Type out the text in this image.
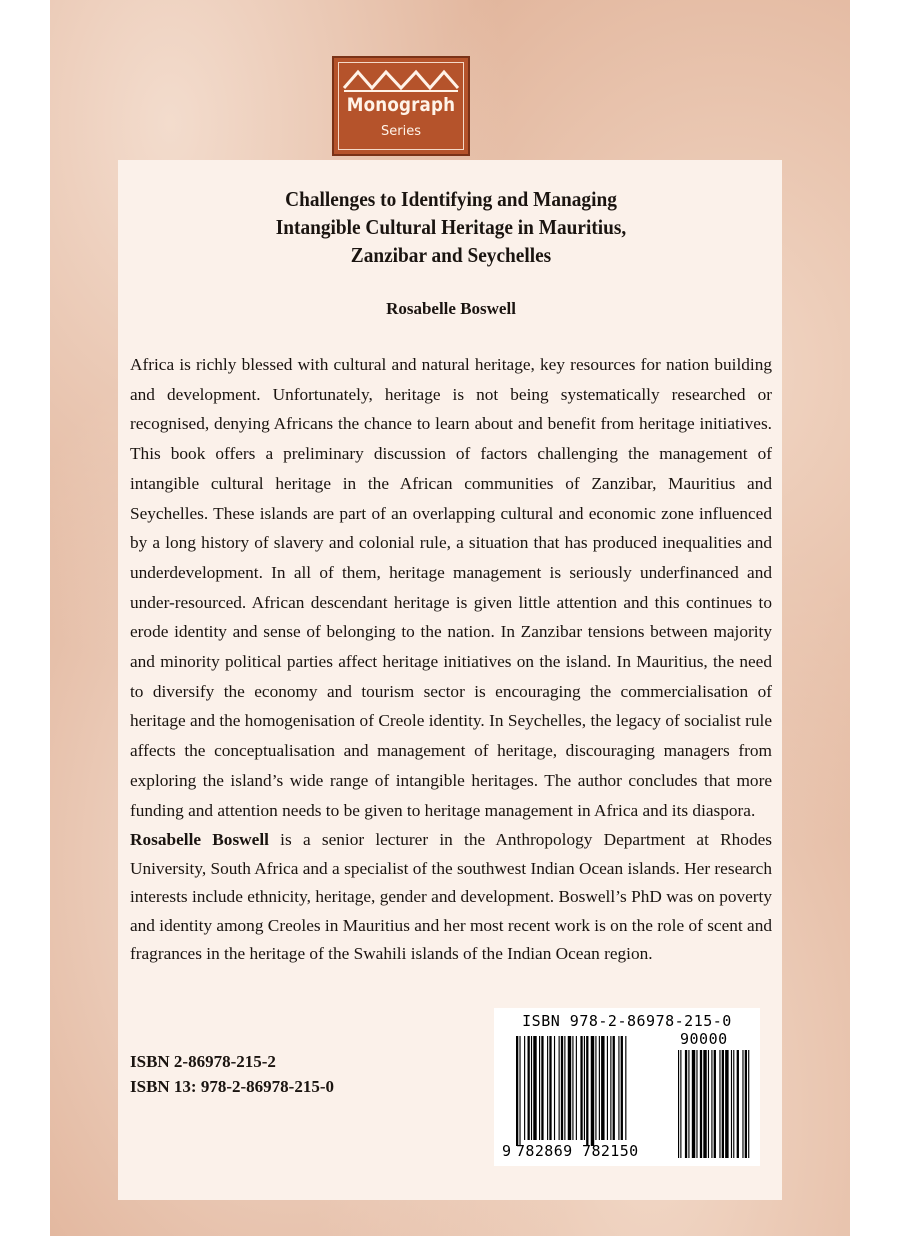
Monograph
Series
Challenges to Identifying and Managing
Intangible Cultural Heritage in Mauritius,
Zanzibar and Seychelles
Rosabelle Boswell

Africa is richly blessed with cultural and natural heritage, key resources for nation building and development. Unfortunately, heritage is not being systematically researched or recognised, denying Africans the chance to learn about and benefit from heritage initiatives. This book offers a preliminary discussion of factors challenging the management of intangible cultural heritage in the African communities of Zanzibar, Mauritius and Seychelles. These islands are part of an overlapping cultural and economic zone influenced by a long history of slavery and colonial rule, a situation that has produced inequalities and underdevelopment. In all of them, heritage management is seriously underfinanced and under-resourced. African descendant heritage is given little attention and this continues to erode identity and sense of belonging to the nation. In Zanzibar tensions between majority and minority political parties affect heritage initiatives on the island. In Mauritius, the need to diversify the economy and tourism sector is encouraging the commercialisation of heritage and the homogenisation of Creole identity. In Seychelles, the legacy of socialist rule affects the conceptualisation and management of heritage, discouraging managers from exploring the island’s wide range of intangible heritages. The author concludes that more funding and attention needs to be given to heritage management in Africa and its diaspora.

Rosabelle Boswell is a senior lecturer in the Anthropology Department at Rhodes University, South Africa and a specialist of the southwest Indian Ocean islands. Her research interests include ethnicity, heritage, gender and development. Boswell’s PhD was on poverty and identity among Creoles in Mauritius and her most recent work is on the role of scent and fragrances in the heritage of the Swahili islands of the Indian Ocean region.

ISBN 2-86978-215-2
ISBN 13: 978-2-86978-215-0
ISBN 978-2-86978-215-0
90000
9 782869 782150
